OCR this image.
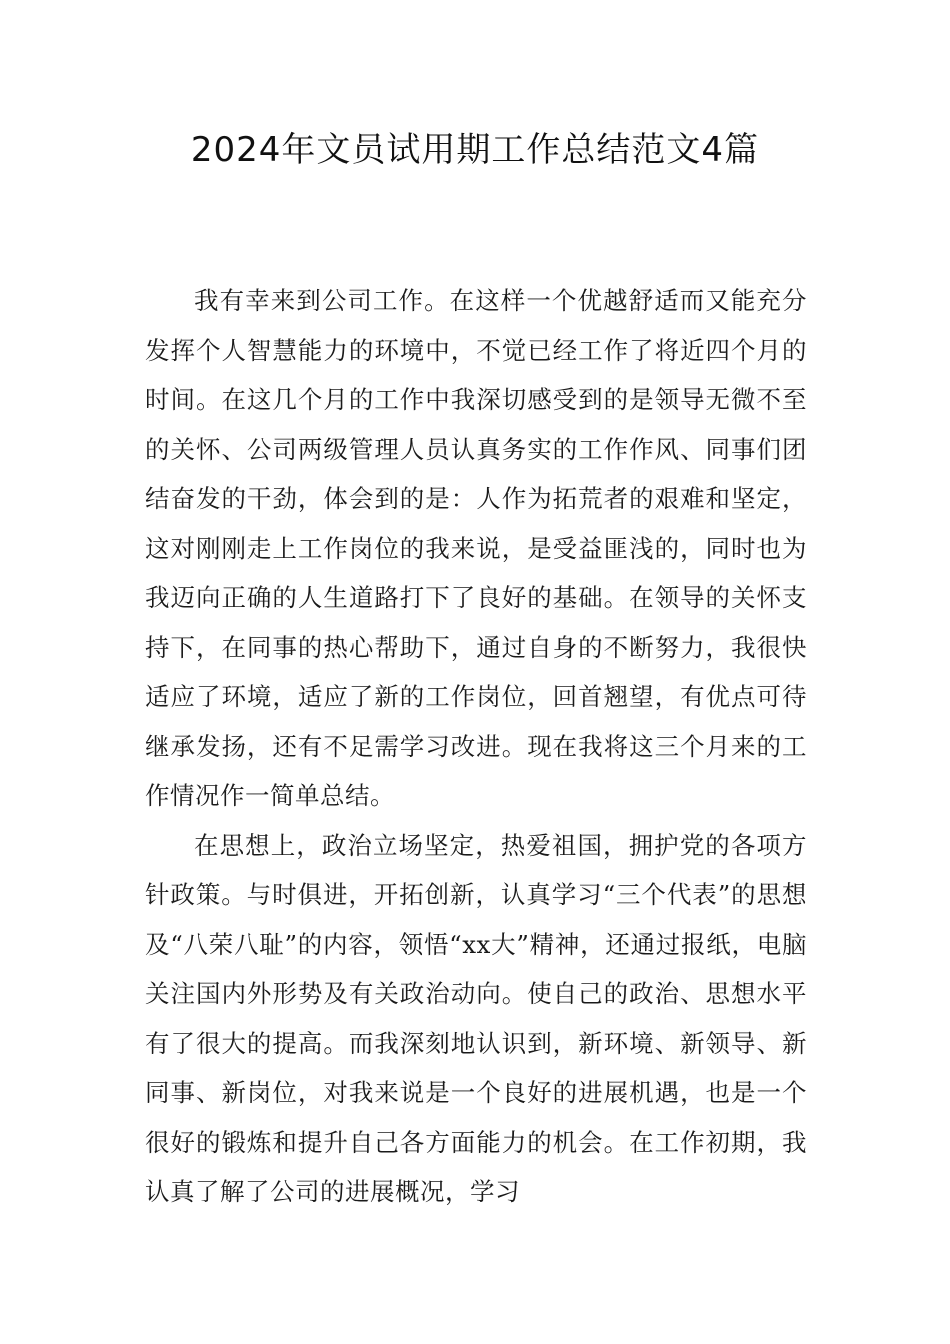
2024年文员试用期工作总结范文4篇

我有幸来到公司工作。在这样一个优越舒适而又能充分发挥个人智慧能力的环境中，不觉已经工作了将近四个月的时间。在这几个月的工作中我深切感受到的是领导无微不至的关怀、公司两级管理人员认真务实的工作作风、同事们团结奋发的干劲，体会到的是：人作为拓荒者的艰难和坚定，这对刚刚走上工作岗位的我来说，是受益匪浅的，同时也为我迈向正确的人生道路打下了良好的基础。在领导的关怀支持下，在同事的热心帮助下，通过自身的不断努力，我很快适应了环境，适应了新的工作岗位，回首翘望，有优点可待继承发扬，还有不足需学习改进。现在我将这三个月来的工作情况作一简单总结。

在思想上，政治立场坚定，热爱祖国，拥护党的各项方针政策。与时俱进，开拓创新，认真学习“三个代表”的思想及“八荣八耻”的内容，领悟“xx大”精神，还通过报纸，电脑关注国内外形势及有关政治动向。使自己的政治、思想水平有了很大的提高。而我深刻地认识到，新环境、新领导、新同事、新岗位，对我来说是一个良好的进展机遇，也是一个很好的锻炼和提升自己各方面能力的机会。在工作初期，我认真了解了公司的进展概况，学习
